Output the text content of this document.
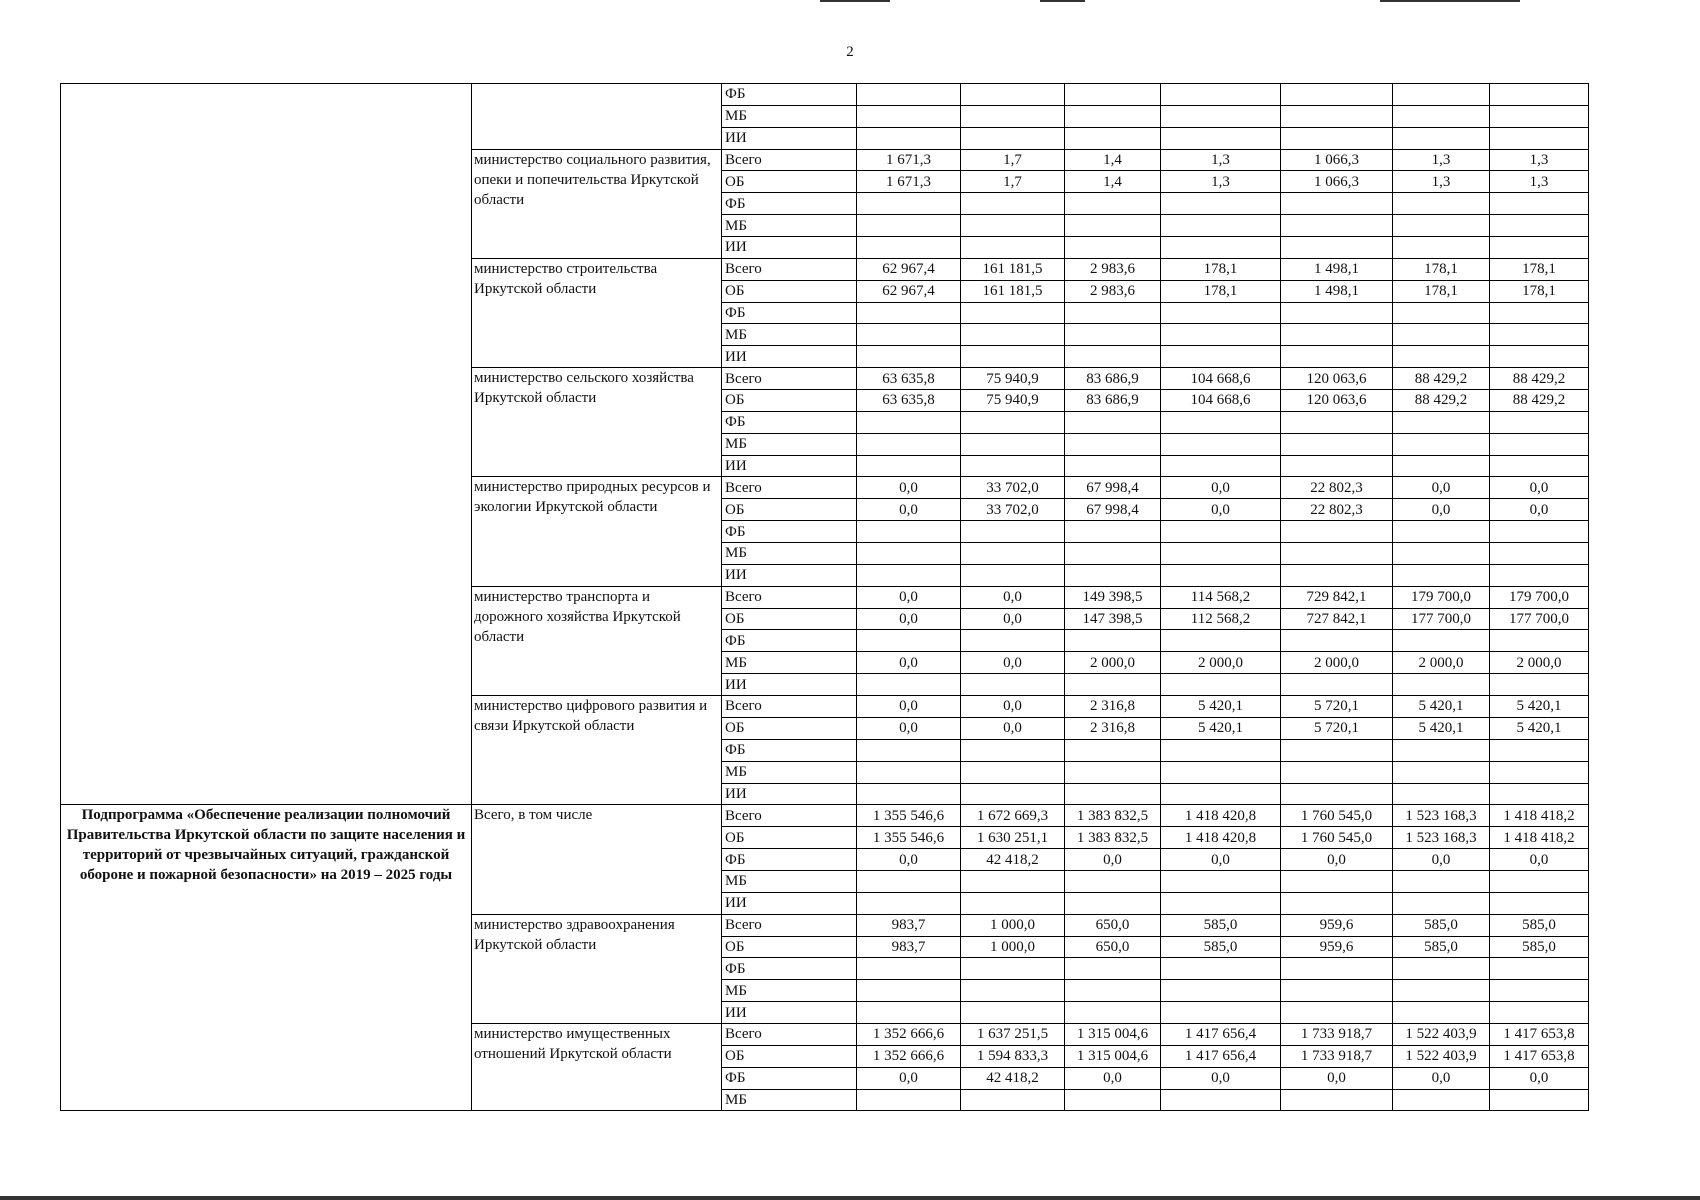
2
		ФБ							
		МБ							
		ИИ							
	министерство социального развития, опеки и попечительства Иркутской области	Всего	1 671,3	1,7	1,4	1,3	1 066,3	1,3	1,3
		ОБ	1 671,3	1,7	1,4	1,3	1 066,3	1,3	1,3
		ФБ							
		МБ							
		ИИ							
	министерство строительства Иркутской области	Всего	62 967,4	161 181,5	2 983,6	178,1	1 498,1	178,1	178,1
		ОБ	62 967,4	161 181,5	2 983,6	178,1	1 498,1	178,1	178,1
		ФБ							
		МБ							
		ИИ							
	министерство сельского хозяйства Иркутской области	Всего	63 635,8	75 940,9	83 686,9	104 668,6	120 063,6	88 429,2	88 429,2
		ОБ	63 635,8	75 940,9	83 686,9	104 668,6	120 063,6	88 429,2	88 429,2
		ФБ							
		МБ							
		ИИ							
	министерство природных ресурсов и экологии Иркутской области	Всего	0,0	33 702,0	67 998,4	0,0	22 802,3	0,0	0,0
		ОБ	0,0	33 702,0	67 998,4	0,0	22 802,3	0,0	0,0
		ФБ							
		МБ							
		ИИ							
	министерство транспорта и дорожного хозяйства Иркутской области	Всего	0,0	0,0	149 398,5	114 568,2	729 842,1	179 700,0	179 700,0
		ОБ	0,0	0,0	147 398,5	112 568,2	727 842,1	177 700,0	177 700,0
		ФБ							
		МБ	0,0	0,0	2 000,0	2 000,0	2 000,0	2 000,0	2 000,0
		ИИ							
	министерство цифрового развития и связи Иркутской области	Всего	0,0	0,0	2 316,8	5 420,1	5 720,1	5 420,1	5 420,1
		ОБ	0,0	0,0	2 316,8	5 420,1	5 720,1	5 420,1	5 420,1
		ФБ							
		МБ							
		ИИ							
Подпрограмма «Обеспечение реализации полномочий Правительства Иркутской области по защите населения и территорий от чрезвычайных ситуаций, гражданской обороне и пожарной безопасности» на 2019 – 2025 годы	Всего, в том числе	Всего	1 355 546,6	1 672 669,3	1 383 832,5	1 418 420,8	1 760 545,0	1 523 168,3	1 418 418,2
		ОБ	1 355 546,6	1 630 251,1	1 383 832,5	1 418 420,8	1 760 545,0	1 523 168,3	1 418 418,2
		ФБ	0,0	42 418,2	0,0	0,0	0,0	0,0	0,0
		МБ							
		ИИ							
	министерство здравоохранения Иркутской области	Всего	983,7	1 000,0	650,0	585,0	959,6	585,0	585,0
		ОБ	983,7	1 000,0	650,0	585,0	959,6	585,0	585,0
		ФБ							
		МБ							
		ИИ							
	министерство имущественных отношений Иркутской области	Всего	1 352 666,6	1 637 251,5	1 315 004,6	1 417 656,4	1 733 918,7	1 522 403,9	1 417 653,8
		ОБ	1 352 666,6	1 594 833,3	1 315 004,6	1 417 656,4	1 733 918,7	1 522 403,9	1 417 653,8
		ФБ	0,0	42 418,2	0,0	0,0	0,0	0,0	0,0
		МБ							
